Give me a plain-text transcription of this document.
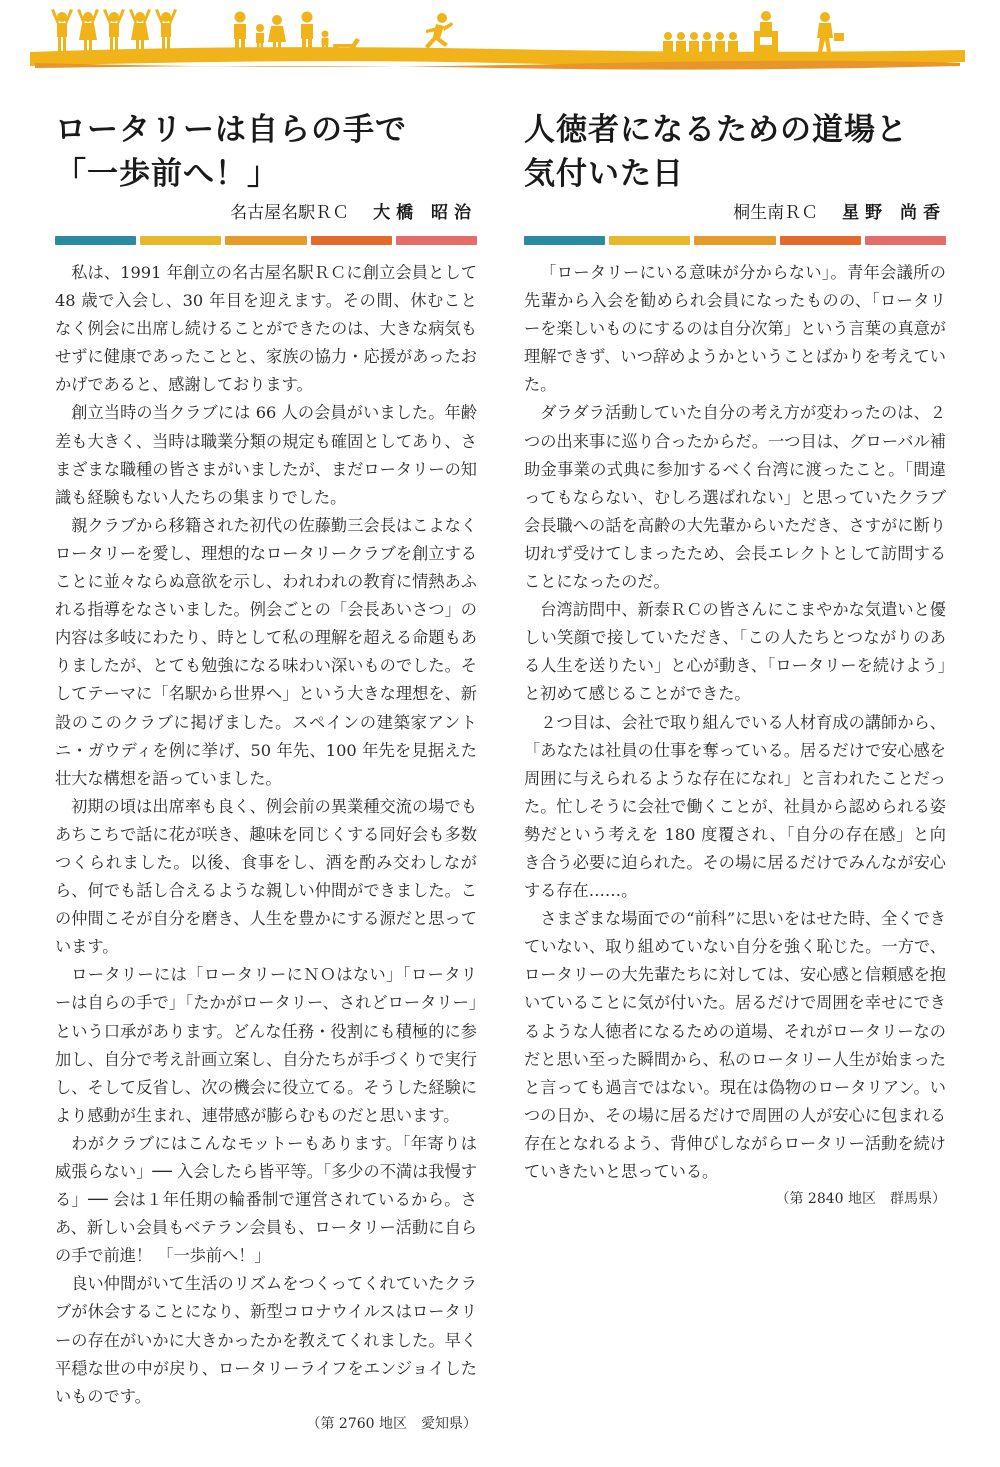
ロータリーは自らの手で
「一歩前へ！」
名古屋名駅ＲＣ 大橋 昭治

私は、1991 年創立の名古屋名駅ＲＣに創立会員として 48 歳で入会し、30 年目を迎えます。その間、休むことなく例会に出席し続けることができたのは、大きな病気もせずに健康であったことと、家族の協力・応援があったおかげであると、感謝しております。

創立当時の当クラブには 66 人の会員がいました。年齢差も大きく、当時は職業分類の規定も確固としてあり、さまざまな職種の皆さまがいましたが、まだロータリーの知識も経験もない人たちの集まりでした。

親クラブから移籍された初代の佐藤勤三会長はこよなくロータリーを愛し、理想的なロータリークラブを創立することに並々ならぬ意欲を示し、われわれの教育に情熱あふれる指導をなさいました。例会ごとの「会長あいさつ」の内容は多岐にわたり、時として私の理解を超える命題もありましたが、とても勉強になる味わい深いものでした。そしてテーマに「名駅から世界へ」という大きな理想を、新設のこのクラブに掲げました。スペインの建築家アントニ・ガウディを例に挙げ、50 年先、100 年先を見据えた壮大な構想を語っていました。

初期の頃は出席率も良く、例会前の異業種交流の場でもあちこちで話に花が咲き、趣味を同じくする同好会も多数つくられました。以後、食事をし、酒を酌み交わしながら、何でも話し合えるような親しい仲間ができました。この仲間こそが自分を磨き、人生を豊かにする源だと思っています。

ロータリーには「ロータリーにＮＯはない」「ロータリーは自らの手で」「たかがロータリー、されどロータリー」という口承があります。どんな任務・役割にも積極的に参加し、自分で考え計画立案し、自分たちが手づくりで実行し、そして反省し、次の機会に役立てる。そうした経験により感動が生まれ、連帯感が膨らむものだと思います。

わがクラブにはこんなモットーもあります。「年寄りは威張らない」── 入会したら皆平等。「多少の不満は我慢する」── 会は１年任期の輪番制で運営されているから。さあ、新しい会員もベテラン会員も、ロータリー活動に自らの手で前進！ 「一歩前へ！」

良い仲間がいて生活のリズムをつくってくれていたクラブが休会することになり、新型コロナウイルスはロータリーの存在がいかに大きかったかを教えてくれました。早く平穏な世の中が戻り、ロータリーライフをエンジョイしたいものです。

（第 2760 地区　愛知県）
人徳者になるための道場と
気付いた日
桐生南ＲＣ 星野 尚香

「ロータリーにいる意味が分からない」。青年会議所の先輩から入会を勧められ会員になったものの、「ロータリーを楽しいものにするのは自分次第」という言葉の真意が理解できず、いつ辞めようかということばかりを考えていた。

ダラダラ活動していた自分の考え方が変わったのは、２つの出来事に巡り合ったからだ。一つ目は、グローバル補助金事業の式典に参加するべく台湾に渡ったこと。「間違ってもならない、むしろ選ばれない」と思っていたクラブ会長職への話を高齢の大先輩からいただき、さすがに断り切れず受けてしまったため、会長エレクトとして訪問することになったのだ。

台湾訪問中、新泰ＲＣの皆さんにこまやかな気遣いと優しい笑顔で接していただき、「この人たちとつながりのある人生を送りたい」と心が動き、「ロータリーを続けよう」と初めて感じることができた。

２つ目は、会社で取り組んでいる人材育成の講師から、「あなたは社員の仕事を奪っている。居るだけで安心感を周囲に与えられるような存在になれ」と言われたことだった。忙しそうに会社で働くことが、社員から認められる姿勢だという考えを 180 度覆され、「自分の存在感」と向き合う必要に迫られた。その場に居るだけでみんなが安心する存在……。

さまざまな場面での“前科”に思いをはせた時、全くできていない、取り組めていない自分を強く恥じた。一方で、ロータリーの大先輩たちに対しては、安心感と信頼感を抱いていることに気が付いた。居るだけで周囲を幸せにできるような人徳者になるための道場、それがロータリーなのだと思い至った瞬間から、私のロータリー人生が始まったと言っても過言ではない。現在は偽物のロータリアン。いつの日か、その場に居るだけで周囲の人が安心に包まれる存在となれるよう、背伸びしながらロータリー活動を続けていきたいと思っている。

（第 2840 地区　群馬県）
